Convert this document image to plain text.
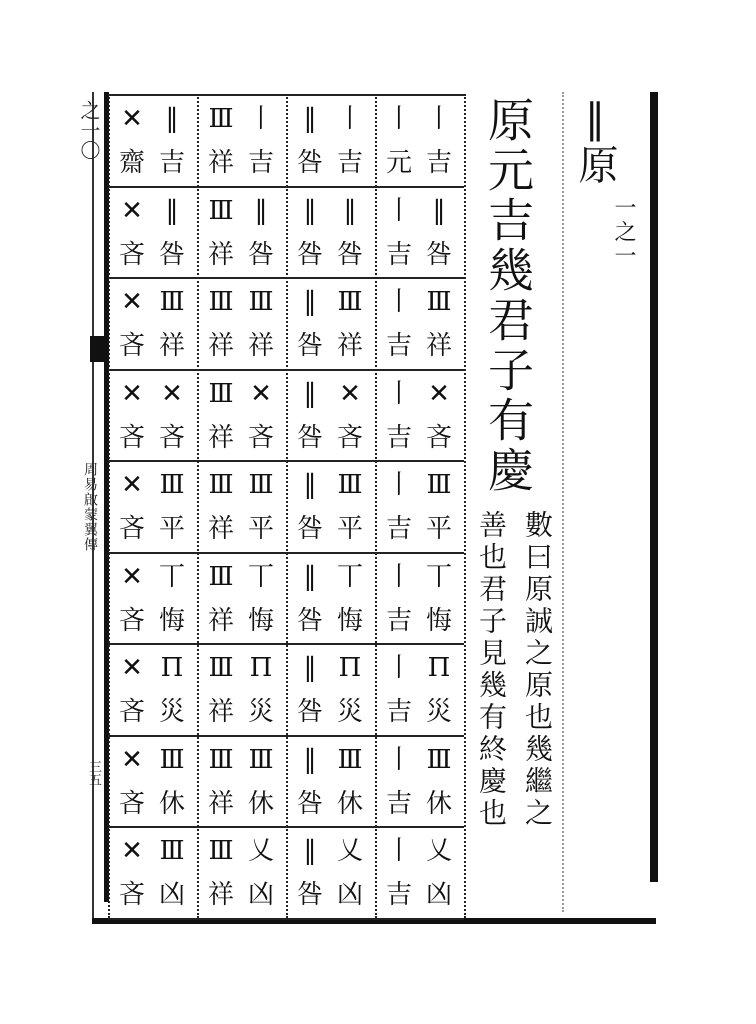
之一〇
周易啟蒙翼傳
三五
丨 丨
元 吉
丨 ‖
吉 咎
丨 Ⅲ
吉 祥
丨 ✕
吉 吝
丨 Ⅲ
吉 平
丨 丅
吉 悔
丨 Π
吉 災
丨 Ⅲ
吉 休
丨 乂
吉 凶
‖ 丨
咎 吉
‖	‖
咎 咎
‖ Ⅲ
咎 祥
‖ ✕
咎 吝
‖ Ⅲ
咎 平
‖ 丅
咎 悔
‖ Π
咎 災
‖ Ⅲ
咎 休
‖ 乂
咎 凶
Ⅲ 丨
祥 吉
Ⅲ ‖
祥 咎
Ⅲ Ⅲ
祥 祥
Ⅲ ✕
祥 吝
Ⅲ Ⅲ
祥 平
Ⅲ 丅
祥 悔
Ⅲ Π
祥 災
Ⅲ Ⅲ
祥 休
Ⅲ 乂
祥 凶
✕ ‖
齋 吉
✕ ‖
吝 咎
✕ Ⅲ
吝 祥
✕ ✕
吝 吝
✕ Ⅲ
吝 平
✕ 丅
吝 悔
✕ Π
吝 災
✕ Ⅲ
吝 休
✕ Ⅲ
吝 凶
‖原
一之一
原元吉幾君子有慶
數曰原誠之原也幾繼之
善也君子見幾有終慶也
